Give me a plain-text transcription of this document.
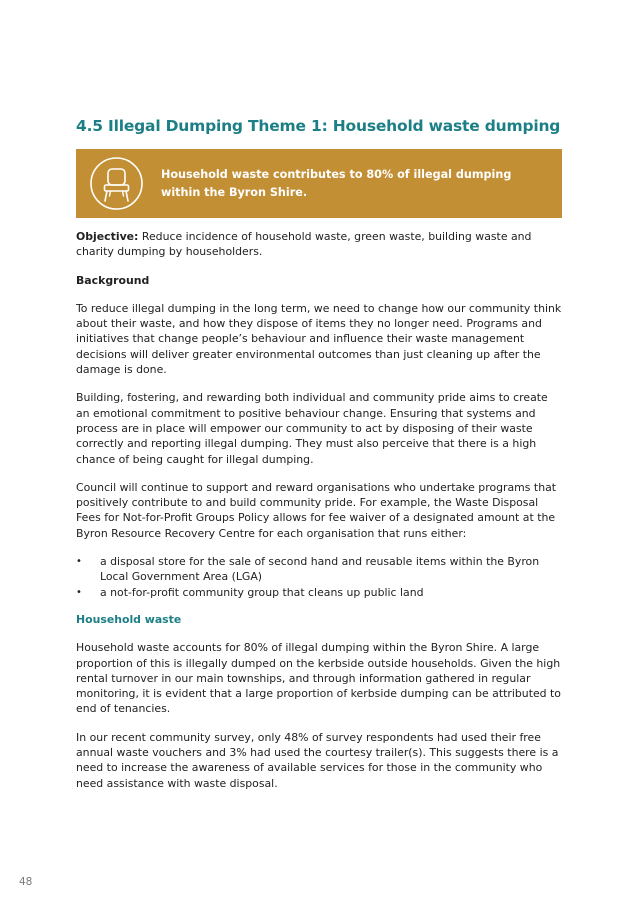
4.5 Illegal Dumping Theme 1: Household waste dumping
Household waste contributes to 80% of illegal dumping within the Byron Shire.

Objective: Reduce incidence of household waste, green waste, building waste and charity dumping by householders.

Background

To reduce illegal dumping in the long term, we need to change how our community think about their waste, and how they dispose of items they no longer need. Programs and initiatives that change people’s behaviour and influence their waste management decisions will deliver greater environmental outcomes than just cleaning up after the damage is done.

Building, fostering, and rewarding both individual and community pride aims to create an emotional commitment to positive behaviour change. Ensuring that systems and process are in place will empower our community to act by disposing of their waste correctly and reporting illegal dumping. They must also perceive that there is a high chance of being caught for illegal dumping.

Council will continue to support and reward organisations who undertake programs that positively contribute to and build community pride. For example, the Waste Disposal Fees for Not-for-Profit Groups Policy allows for fee waiver of a designated amount at the Byron Resource Recovery Centre for each organisation that runs either:

• a disposal store for the sale of second hand and reusable items within the Byron Local Government Area (LGA)
• a not-for-profit community group that cleans up public land
Household waste

Household waste accounts for 80% of illegal dumping within the Byron Shire. A large proportion of this is illegally dumped on the kerbside outside households. Given the high rental turnover in our main townships, and through information gathered in regular monitoring, it is evident that a large proportion of kerbside dumping can be attributed to end of tenancies.

In our recent community survey, only 48% of survey respondents had used their free annual waste vouchers and 3% had used the courtesy trailer(s). This suggests there is a need to increase the awareness of available services for those in the community who need assistance with waste disposal.

48
